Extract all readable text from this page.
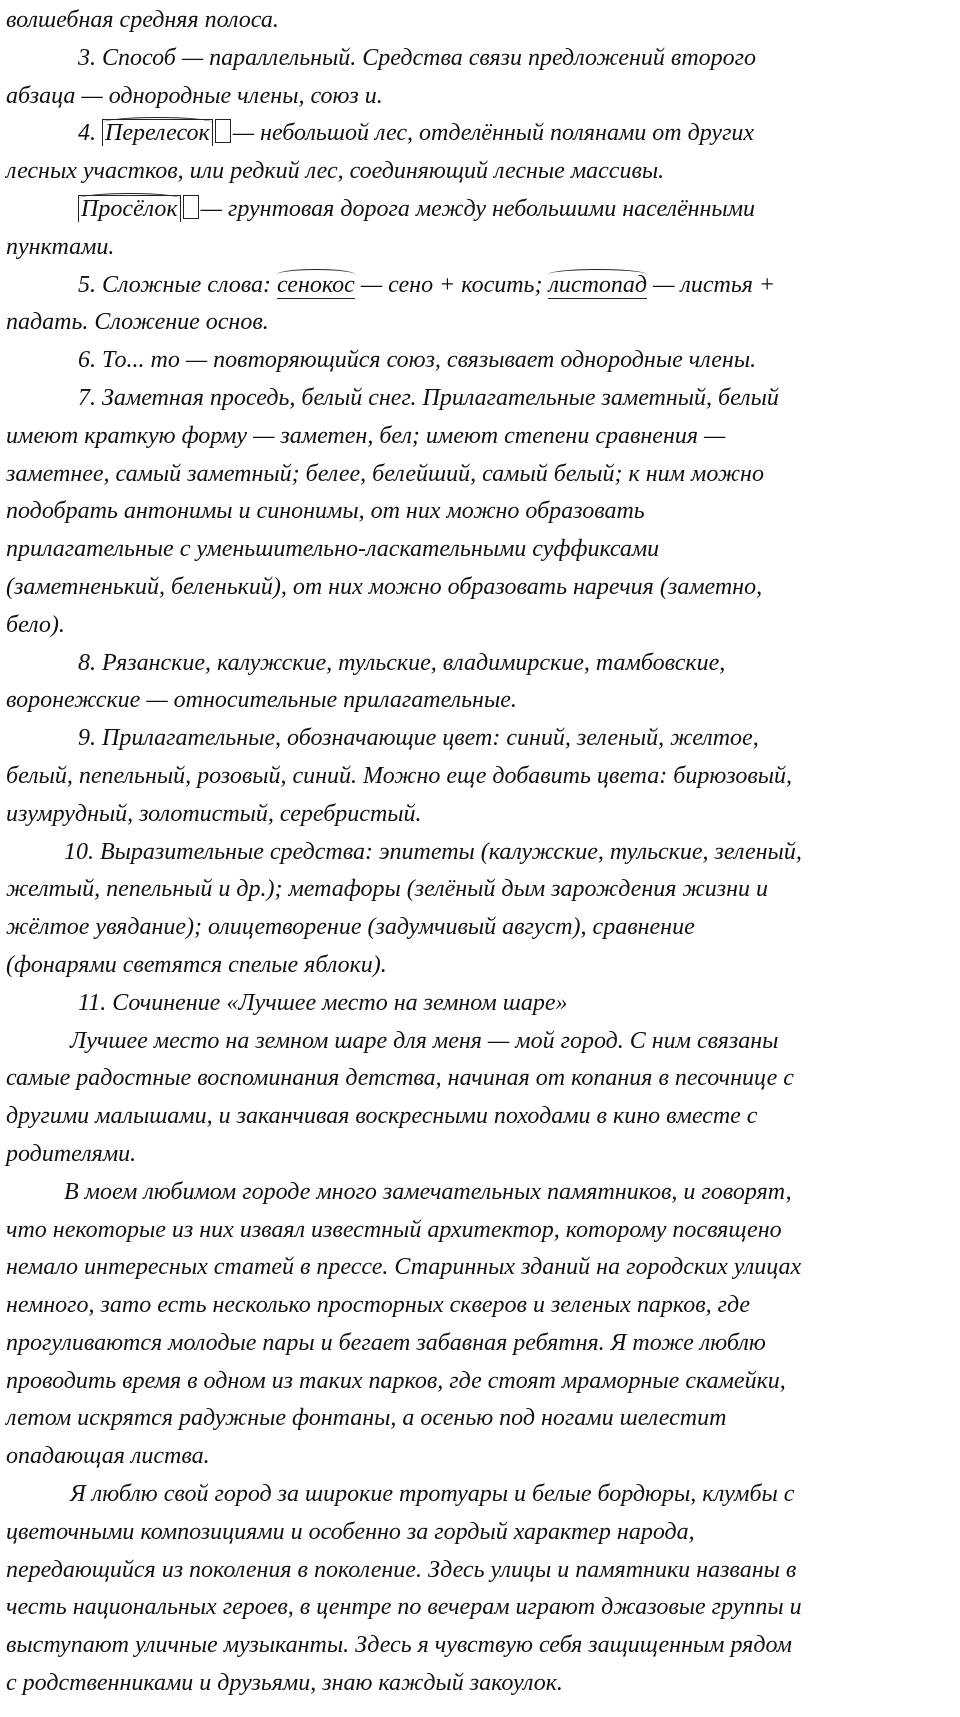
волшебная средняя полоса.

3. Способ — параллельный. Средства связи предложений второго

абзаца — однородные члены, союз и.

4. Перелесок — небольшой лес, отделённый полянами от других

лесных участков, или редкий лес, соединяющий лесные массивы.

Просёлок — грунтовая дорога между небольшими населёнными

пунктами.

5. Сложные слова: сенокос — сено + косить; листопад — листья +

падать. Сложение основ.

6. То... то — повторяющийся союз, связывает однородные члены.

7. Заметная проседь, белый снег. Прилагательные заметный, белый

имеют краткую форму — заметен, бел; имеют степени сравнения —

заметнее, самый заметный; белее, белейший, самый белый; к ним можно

подобрать антонимы и синонимы, от них можно образовать

прилагательные с уменьшительно-ласкательными суффиксами

(заметненький, беленький), от них можно образовать наречия (заметно,

бело).

8. Рязанские, калужские, тульские, владимирские, тамбовские,

воронежские — относительные прилагательные.

9. Прилагательные, обозначающие цвет: синий, зеленый, желтое,

белый, пепельный, розовый, синий. Можно еще добавить цвета: бирюзовый,

изумрудный, золотистый, серебристый.

10. Выразительные средства: эпитеты (калужские, тульские, зеленый,

желтый, пепельный и др.); метафоры (зелёный дым зарождения жизни и

жёлтое увядание); олицетворение (задумчивый август), сравнение

(фонарями светятся спелые яблоки).

11. Сочинение «Лучшее место на земном шаре»

Лучшее место на земном шаре для меня — мой город. С ним связаны

самые радостные воспоминания детства, начиная от копания в песочнице с

другими малышами, и заканчивая воскресными походами в кино вместе с

родителями.

В моем любимом городе много замечательных памятников, и говорят,

что некоторые из них изваял известный архитектор, которому посвящено

немало интересных статей в прессе. Старинных зданий на городских улицах

немного, зато есть несколько просторных скверов и зеленых парков, где

прогуливаются молодые пары и бегает забавная ребятня. Я тоже люблю

проводить время в одном из таких парков, где стоят мраморные скамейки,

летом искрятся радужные фонтаны, а осенью под ногами шелестит

опадающая листва.

Я люблю свой город за широкие тротуары и белые бордюры, клумбы с

цветочными композициями и особенно за гордый характер народа,

передающийся из поколения в поколение. Здесь улицы и памятники названы в

честь национальных героев, в центре по вечерам играют джазовые группы и

выступают уличные музыканты. Здесь я чувствую себя защищенным рядом

с родственниками и друзьями, знаю каждый закоулок.
